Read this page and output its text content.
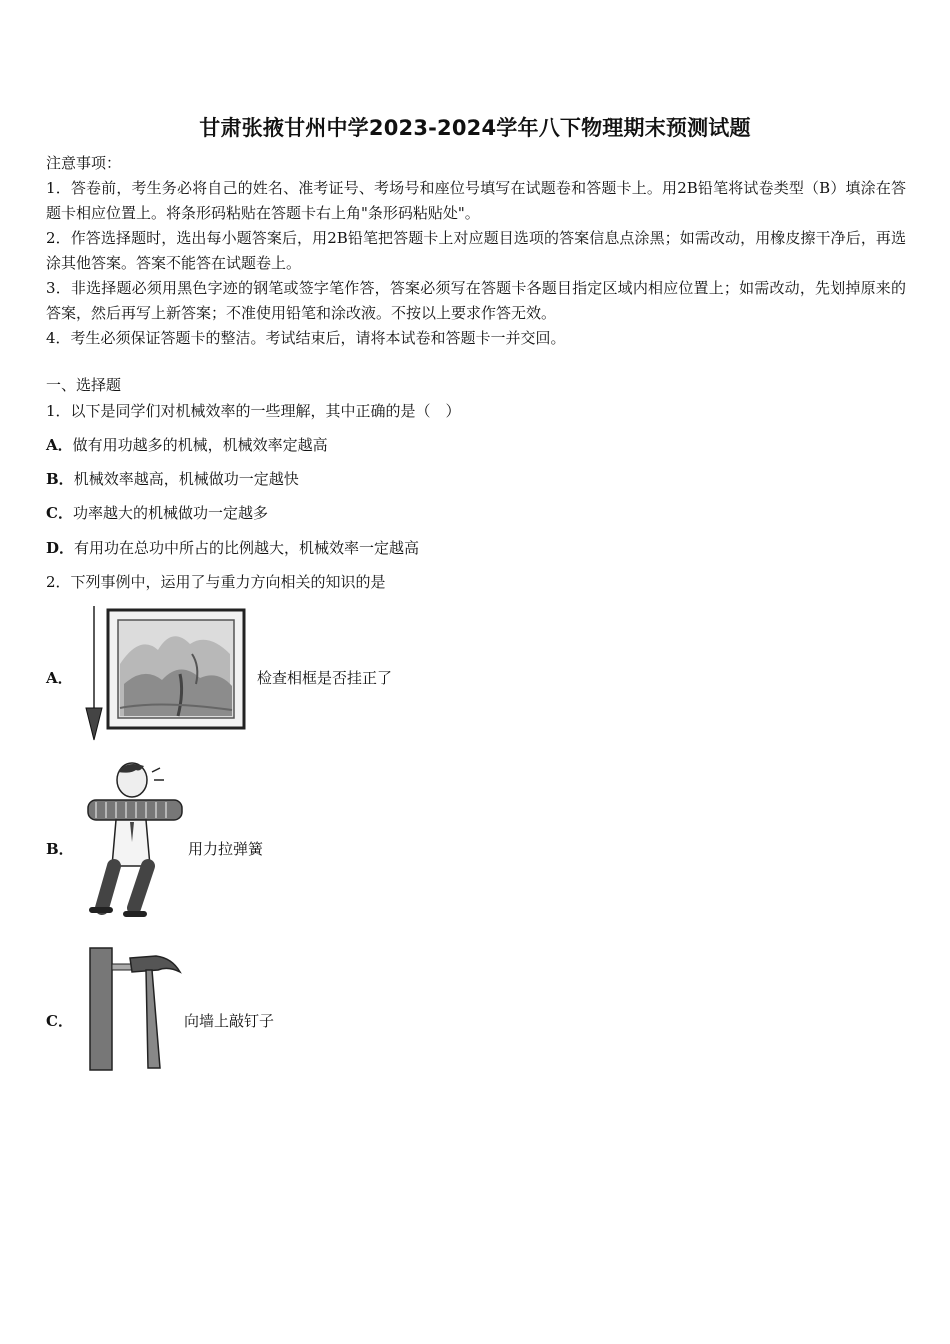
甘肃张掖甘州中学2023-2024学年八下物理期末预测试题

注意事项：

1．答卷前，考生务必将自己的姓名、准考证号、考场号和座位号填写在试题卷和答题卡上。用2B铅笔将试卷类型（B）填涂在答题卡相应位置上。将条形码粘贴在答题卡右上角"条形码粘贴处"。

2．作答选择题时，选出每小题答案后，用2B铅笔把答题卡上对应题目选项的答案信息点涂黑；如需改动，用橡皮擦干净后，再选涂其他答案。答案不能答在试题卷上。

3．非选择题必须用黑色字迹的钢笔或签字笔作答，答案必须写在答题卡各题目指定区域内相应位置上；如需改动，先划掉原来的答案，然后再写上新答案；不准使用铅笔和涂改液。不按以上要求作答无效。

4．考生必须保证答题卡的整洁。考试结束后，请将本试卷和答题卡一并交回。

一、选择题
1．以下是同学们对机械效率的一些理解，其中正确的是（　）
A．做有用功越多的机械，机械效率定越高
B．机械效率越高，机械做功一定越快
C．功率越大的机械做功一定越多
D．有用功在总功中所占的比例越大，机械效率一定越高
2．下列事例中，运用了与重力方向相关的知识的是
A．	检查相框是否挂正了
B．	用力拉弹簧
C．	向墙上敲钉子
